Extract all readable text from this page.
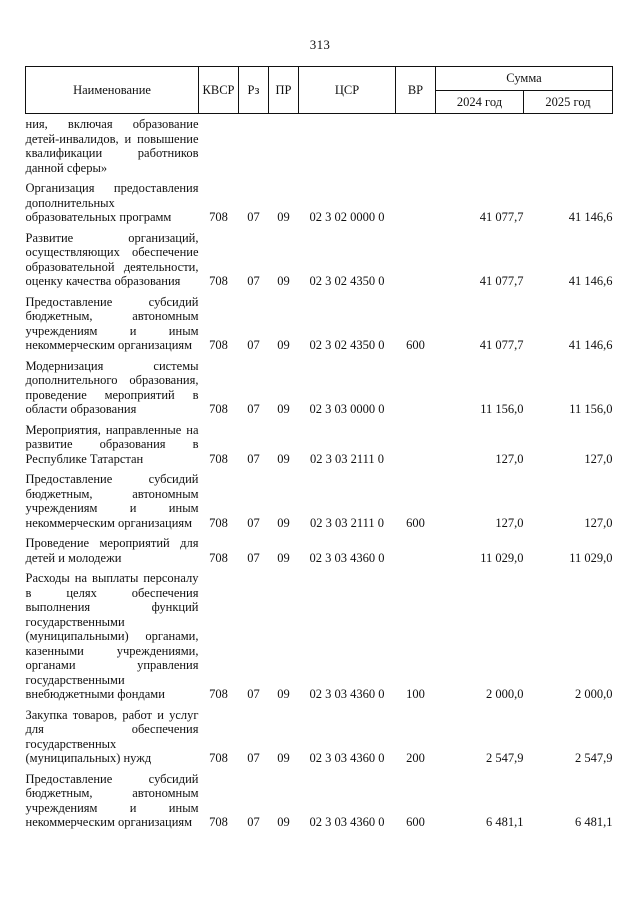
313
Наименование	КВСР	Рз	ПР	ЦСР	ВР	Сумма	
						2024 год	2025 год
ния, включая образование детей-инвалидов, и повышение квалификации работников данной сферы»							
Организация предоставления дополнительных образовательных программ	708	07	09	02 3 02 0000 0		41 077,7	41 146,6
Развитие организаций, осуществляющих обеспечение образовательной деятельности, оценку качества образования	708	07	09	02 3 02 4350 0		41 077,7	41 146,6
Предоставление субсидий бюджетным, автономным учреждениям и иным некоммерческим организациям	708	07	09	02 3 02 4350 0	600	41 077,7	41 146,6
Модернизация системы дополнительного образования, проведение мероприятий в области образования	708	07	09	02 3 03 0000 0		11 156,0	11 156,0
Мероприятия, направленные на развитие образования в Республике Татарстан	708	07	09	02 3 03 2111 0		127,0	127,0
Предоставление субсидий бюджетным, автономным учреждениям и иным некоммерческим организациям	708	07	09	02 3 03 2111 0	600	127,0	127,0
Проведение мероприятий для детей и молодежи	708	07	09	02 3 03 4360 0		11 029,0	11 029,0
Расходы на выплаты персоналу в целях обеспечения выполнения функций государственными (муниципальными) органами, казенными учреждениями, органами управления государственными внебюджетными фондами	708	07	09	02 3 03 4360 0	100	2 000,0	2 000,0
Закупка товаров, работ и услуг для обеспечения государственных (муниципальных) нужд	708	07	09	02 3 03 4360 0	200	2 547,9	2 547,9
Предоставление субсидий бюджетным, автономным учреждениям и иным некоммерческим организациям	708	07	09	02 3 03 4360 0	600	6 481,1	6 481,1
